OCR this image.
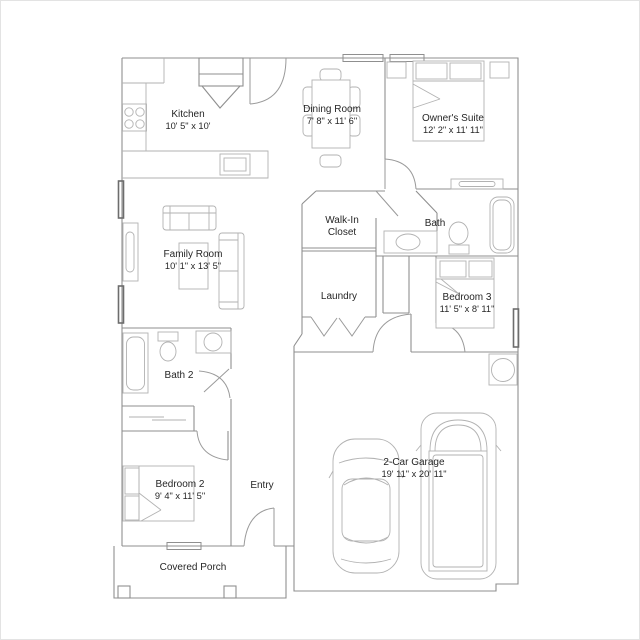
Kitchen
10' 5" x 10'
Dining Room
7' 8" x 11' 6"	Owner's Suite
12' 2" x 11' 11"
Walk-In
Closet
Bath
Family Room
10' 1" x 13' 5"
Laundry	Bedroom 3
11' 5" x 8' 11"
Bath 2
Bedroom 2
9' 4" x 11' 5"
Entry
2-Car Garage
19' 11" x 20' 11"
Covered Porch
